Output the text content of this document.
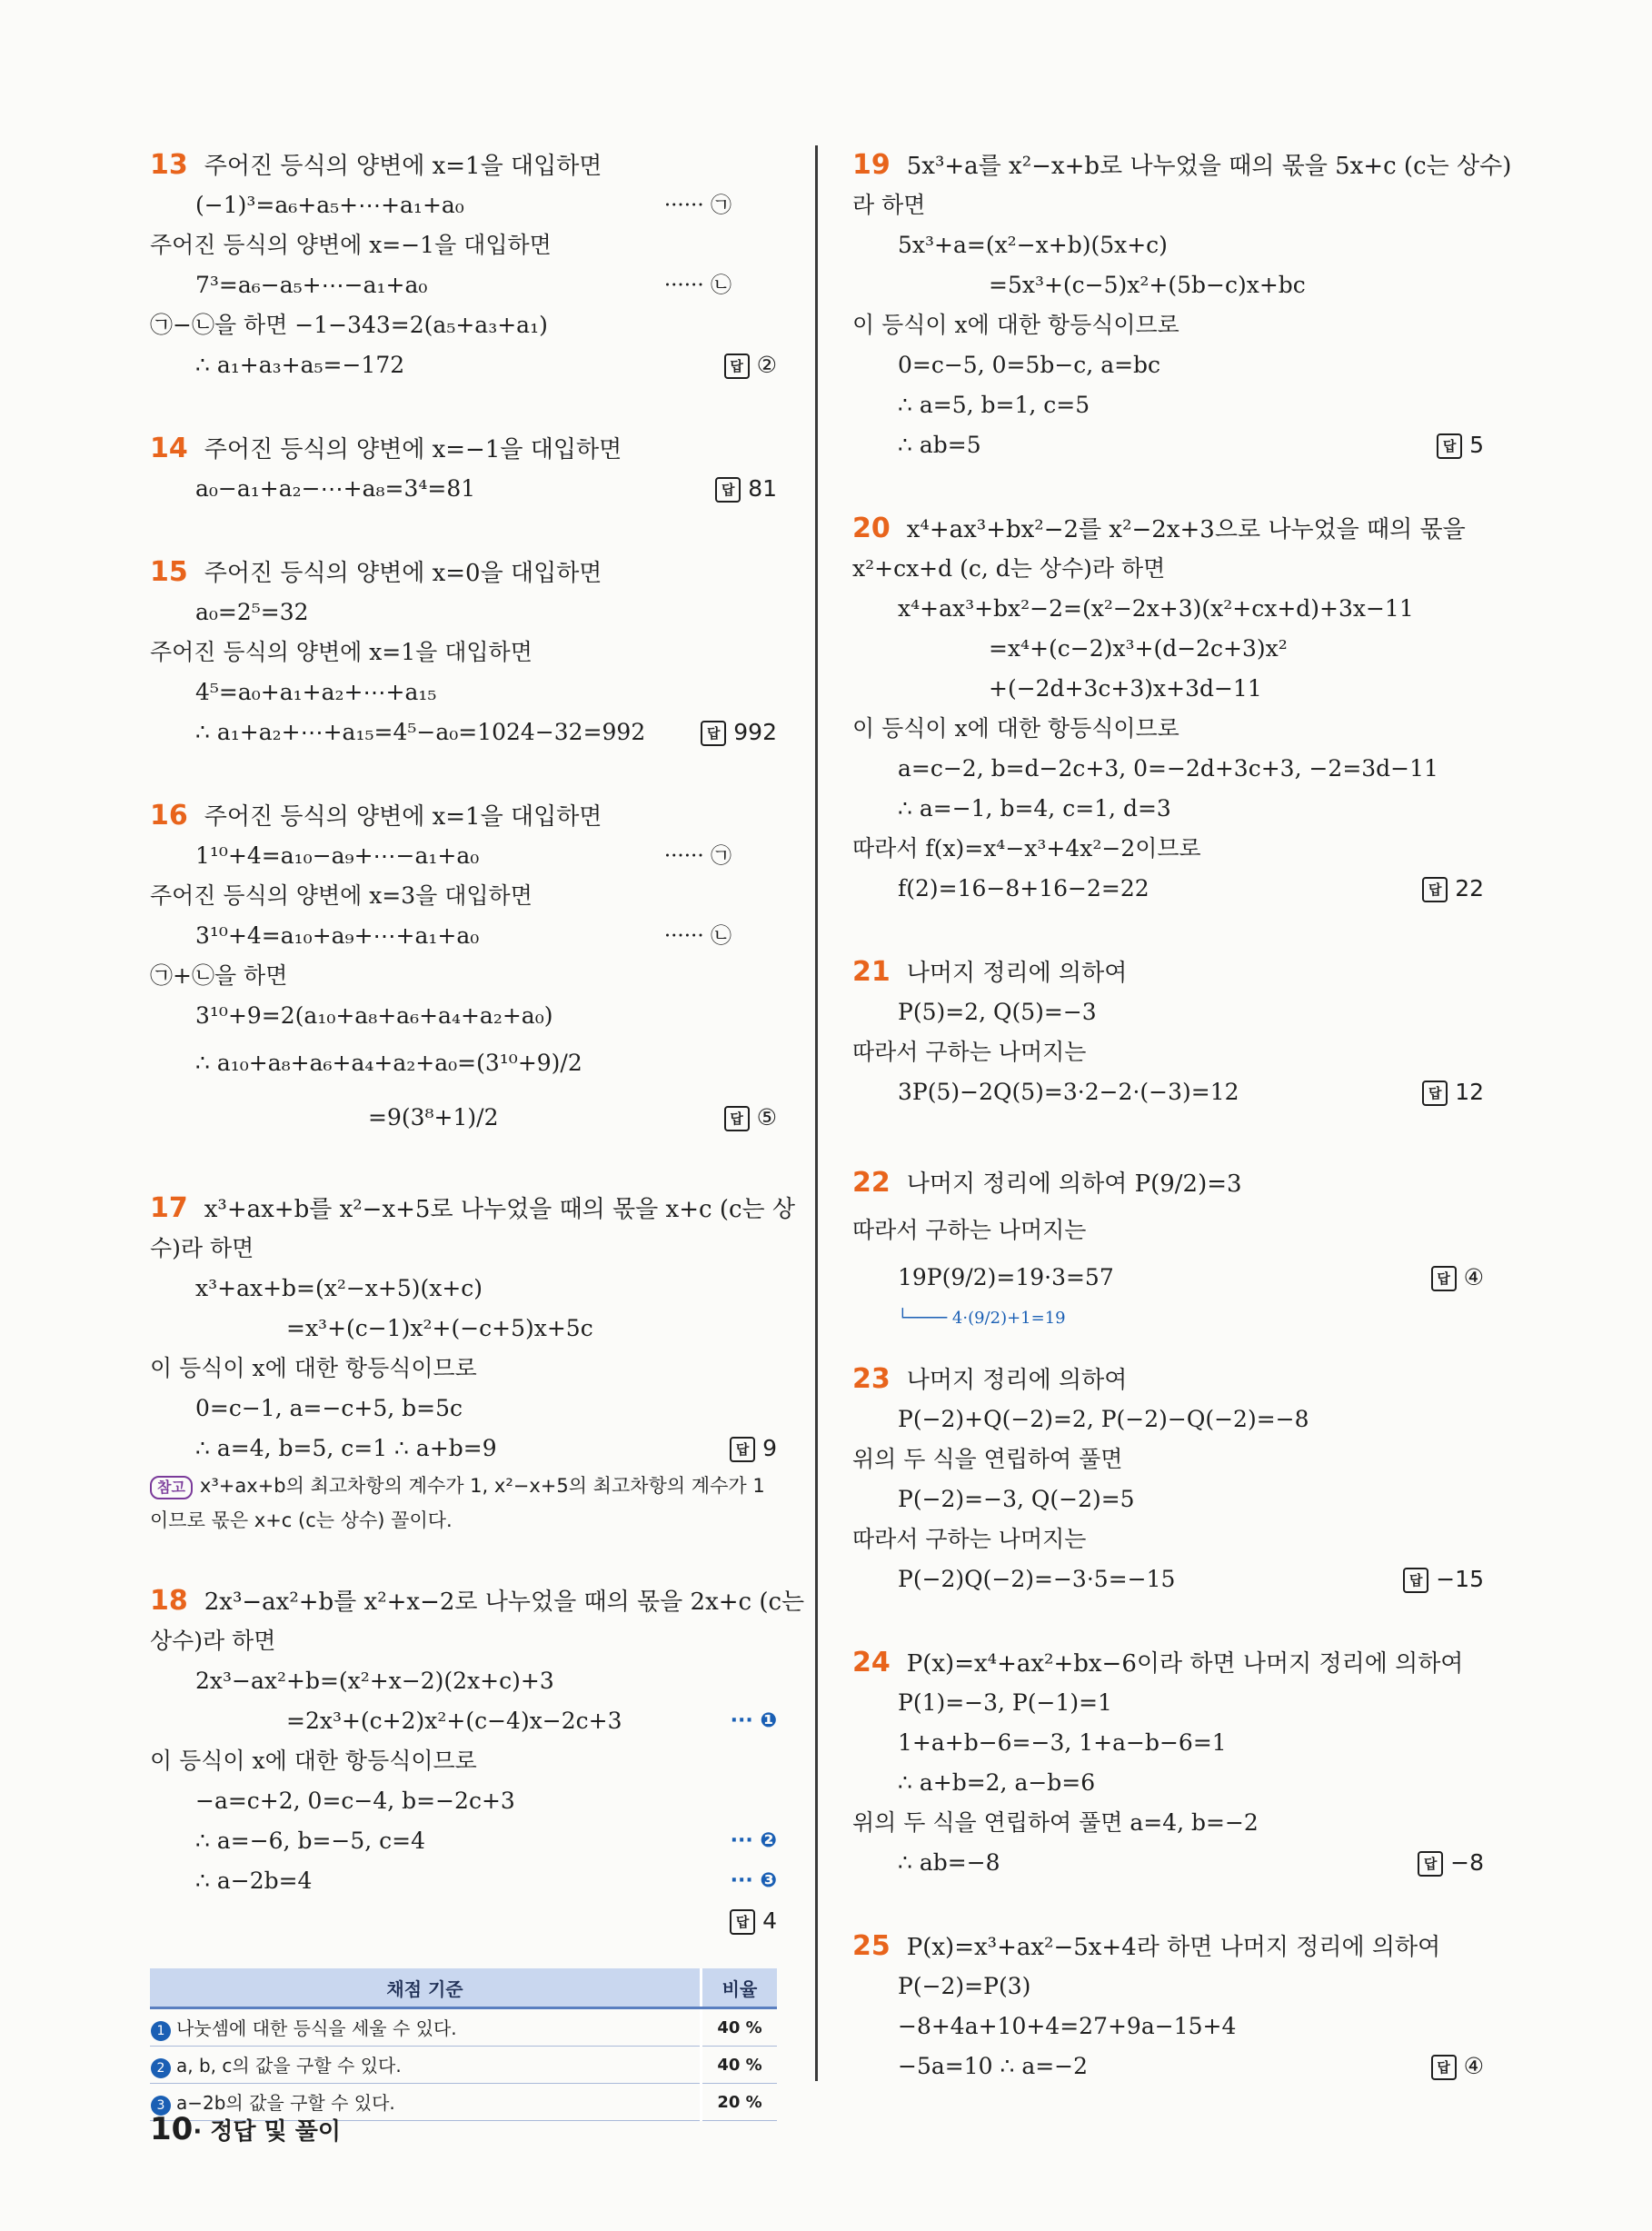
13 주어진 등식의 양변에 x=1을 대입하면
(−1)³=a₆+a₅+⋯+a₁+a₀	······ ㉠
주어진 등식의 양변에 x=−1을 대입하면
7³=a₆−a₅+⋯−a₁+a₀	······ ㉡
㉠−㉡을 하면 −1−343=2(a₅+a₃+a₁)
∴ a₁+a₃+a₅=−172	답 ②
14 주어진 등식의 양변에 x=−1을 대입하면
a₀−a₁+a₂−⋯+a₈=3⁴=81	답 81
15 주어진 등식의 양변에 x=0을 대입하면
a₀=2⁵=32
주어진 등식의 양변에 x=1을 대입하면
4⁵=a₀+a₁+a₂+⋯+a₁₅
∴ a₁+a₂+⋯+a₁₅=4⁵−a₀=1024−32=992	답 992
16 주어진 등식의 양변에 x=1을 대입하면
1¹⁰+4=a₁₀−a₉+⋯−a₁+a₀	······ ㉠
주어진 등식의 양변에 x=3을 대입하면
3¹⁰+4=a₁₀+a₉+⋯+a₁+a₀	······ ㉡
㉠+㉡을 하면
3¹⁰+9=2(a₁₀+a₈+a₆+a₄+a₂+a₀)
∴ a₁₀+a₈+a₆+a₄+a₂+a₀=(3¹⁰+9)/2
=9(3⁸+1)/2	답 ⑤
17 x³+ax+b를 x²−x+5로 나누었을 때의 몫을 x+c (c는 상
수)라 하면
x³+ax+b=(x²−x+5)(x+c)
=x³+(c−1)x²+(−c+5)x+5c
이 등식이 x에 대한 항등식이므로
0=c−1, a=−c+5, b=5c
∴ a=4, b=5, c=1 ∴ a+b=9	답 9
참고 x³+ax+b의 최고차항의 계수가 1, x²−x+5의 최고차항의 계수가 1
이므로 몫은 x+c (c는 상수) 꼴이다.
18 2x³−ax²+b를 x²+x−2로 나누었을 때의 몫을 2x+c (c는
상수)라 하면
2x³−ax²+b=(x²+x−2)(2x+c)+3
=2x³+(c+2)x²+(c−4)x−2c+3	··· ❶
이 등식이 x에 대한 항등식이므로
−a=c+2, 0=c−4, b=−2c+3
∴ a=−6, b=−5, c=4	··· ❷
∴ a−2b=4	··· ❸
답 4
채점 기준	비율
1 나눗셈에 대한 등식을 세울 수 있다.	40 %
2 a, b, c의 값을 구할 수 있다.	40 %
3 a−2b의 값을 구할 수 있다.	20 %
19 5x³+a를 x²−x+b로 나누었을 때의 몫을 5x+c (c는 상수)
라 하면
5x³+a=(x²−x+b)(5x+c)
=5x³+(c−5)x²+(5b−c)x+bc
이 등식이 x에 대한 항등식이므로
0=c−5, 0=5b−c, a=bc
∴ a=5, b=1, c=5
∴ ab=5	답 5
20 x⁴+ax³+bx²−2를 x²−2x+3으로 나누었을 때의 몫을
x²+cx+d (c, d는 상수)라 하면
x⁴+ax³+bx²−2=(x²−2x+3)(x²+cx+d)+3x−11
=x⁴+(c−2)x³+(d−2c+3)x²
+(−2d+3c+3)x+3d−11
이 등식이 x에 대한 항등식이므로
a=c−2, b=d−2c+3, 0=−2d+3c+3, −2=3d−11
∴ a=−1, b=4, c=1, d=3
따라서 f(x)=x⁴−x³+4x²−2이므로
f(2)=16−8+16−2=22	답 22
21 나머지 정리에 의하여
P(5)=2, Q(5)=−3
따라서 구하는 나머지는
3P(5)−2Q(5)=3·2−2·(−3)=12	답 12
22 나머지 정리에 의하여 P(9/2)=3
따라서 구하는 나머지는
19P(9/2)=19·3=57	답 ④
└──── 4·(9/2)+1=19
23 나머지 정리에 의하여
P(−2)+Q(−2)=2, P(−2)−Q(−2)=−8
위의 두 식을 연립하여 풀면
P(−2)=−3, Q(−2)=5
따라서 구하는 나머지는
P(−2)Q(−2)=−3·5=−15	답 −15
24 P(x)=x⁴+ax²+bx−6이라 하면 나머지 정리에 의하여
P(1)=−3, P(−1)=1
1+a+b−6=−3, 1+a−b−6=1
∴ a+b=2, a−b=6
위의 두 식을 연립하여 풀면 a=4, b=−2
∴ ab=−8	답 −8
25 P(x)=x³+ax²−5x+4라 하면 나머지 정리에 의하여
P(−2)=P(3)
−8+4a+10+4=27+9a−15+4
−5a=10 ∴ a=−2	답 ④
10· 정답 및 풀이
